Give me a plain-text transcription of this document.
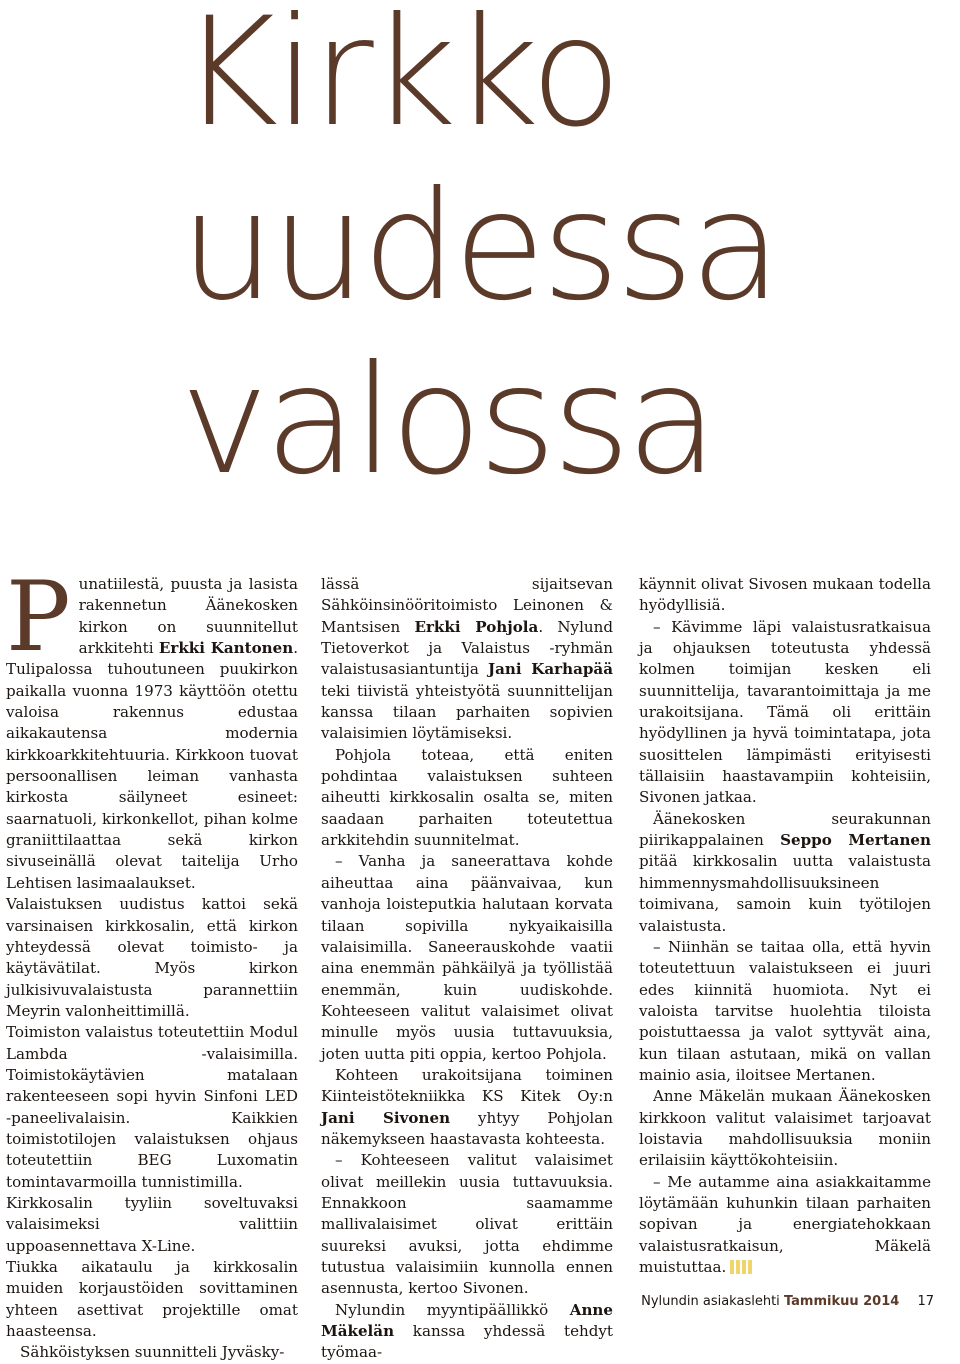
Kirkko
uudessa
valossa

Punatiilestä, puusta ja lasista rakennetun Äänekosken kirkon on suunnitellut arkkitehti Erkki Kantonen. Tulipalossa tuhoutuneen puukirkon paikalla vuonna 1973 käyttöön otettu valoisa rakennus edustaa aikakautensa modernia kirkkoarkkitehtuuria. Kirkkoon tuovat persoonallisen leiman vanhasta kirkosta säilyneet esineet: saarnatuoli, kirkonkellot, pihan kolme graniittilaattaa sekä kirkon sivuseinällä olevat taitelija Urho Lehtisen lasimaalaukset.

Valaistuksen uudistus kattoi sekä varsinaisen kirkkosalin, että kirkon yhteydessä olevat toimisto- ja käytävätilat. Myös kirkon julkisivuvalaistusta parannettiin Meyrin valonheittimillä.

Toimiston valaistus toteutettiin Modul Lambda -valaisimilla. Toimistokäytävien matalaan rakenteeseen sopi hyvin Sinfoni LED -paneelivalaisin. Kaikkien toimistotilojen valaistuksen ohjaus toteutettiin BEG Luxomatin tomintavarmoilla tunnistimilla.

Kirkkosalin tyyliin soveltuvaksi valaisimeksi valittiin uppoasennettava X-Line.

Tiukka aikataulu ja kirkkosalin muiden korjaustöiden sovittaminen yhteen asettivat projektille omat haasteensa.

Sähköistyksen suunnitteli Jyväsky-

lässä sijaitsevan Sähköinsinööritoimisto Leinonen & Mantsisen Erkki Pohjola. Nylund Tietoverkot ja Valaistus -ryhmän valaistusasiantuntija Jani Karhapää teki tiivistä yhteistyötä suunnittelijan kanssa tilaan parhaiten sopivien valaisimien löytämiseksi.

Pohjola toteaa, että eniten pohdintaa valaistuksen suhteen aiheutti kirkkosalin osalta se, miten saadaan parhaiten toteutettua arkkitehdin suunnitelmat.

– Vanha ja saneerattava kohde aiheuttaa aina päänvaivaa, kun vanhoja loisteputkia halutaan korvata tilaan sopivilla nykyaikaisilla valaisimilla. Saneerauskohde vaatii aina enemmän pähkäilyä ja työllistää enemmän, kuin uudiskohde. Kohteeseen valitut valaisimet olivat minulle myös uusia tuttavuuksia, joten uutta piti oppia, kertoo Pohjola.

Kohteen urakoitsijana toiminen Kiinteistötekniikka KS Kitek Oy:n Jani Sivonen yhtyy Pohjolan näkemykseen haastavasta kohteesta.

– Kohteeseen valitut valaisimet olivat meillekin uusia tuttavuuksia. Ennakkoon saamamme mallivalaisimet olivat erittäin suureksi avuksi, jotta ehdimme tutustua valaisimiin kunnolla ennen asennusta, kertoo Sivonen.

Nylundin myyntipäällikkö Anne Mäkelän kanssa yhdessä tehdyt työmaa-

käynnit olivat Sivosen mukaan todella hyödyllisiä.

– Kävimme läpi valaistusratkaisua ja ohjauksen toteutusta yhdessä kolmen toimijan kesken eli suunnittelija, tavarantoimittaja ja me urakoitsijana. Tämä oli erittäin hyödyllinen ja hyvä toimintatapa, jota suosittelen lämpimästi erityisesti tällaisiin haastavampiin kohteisiin, Sivonen jatkaa.

Äänekosken seurakunnan piirikappalainen Seppo Mertanen pitää kirkkosalin uutta valaistusta himmennysmahdollisuuksineen toimivana, samoin kuin työtilojen valaistusta.

– Niinhän se taitaa olla, että hyvin toteutettuun valaistukseen ei juuri edes kiinnitä huomiota. Nyt ei valoista tarvitse huolehtia tiloista poistuttaessa ja valot syttyvät aina, kun tilaan astutaan, mikä on vallan mainio asia, iloitsee Mertanen.

Anne Mäkelän mukaan Äänekosken kirkkoon valitut valaisimet tarjoavat loistavia mahdollisuuksia moniin erilaisiin käyttökohteisiin.

– Me autamme aina asiakkaitamme löytämään kuhunkin tilaan parhaiten sopivan ja energiatehokkaan valaistusratkaisun, Mäkelä muistuttaa.

Nylundin asiakaslehti Tammikuu 2014 17
